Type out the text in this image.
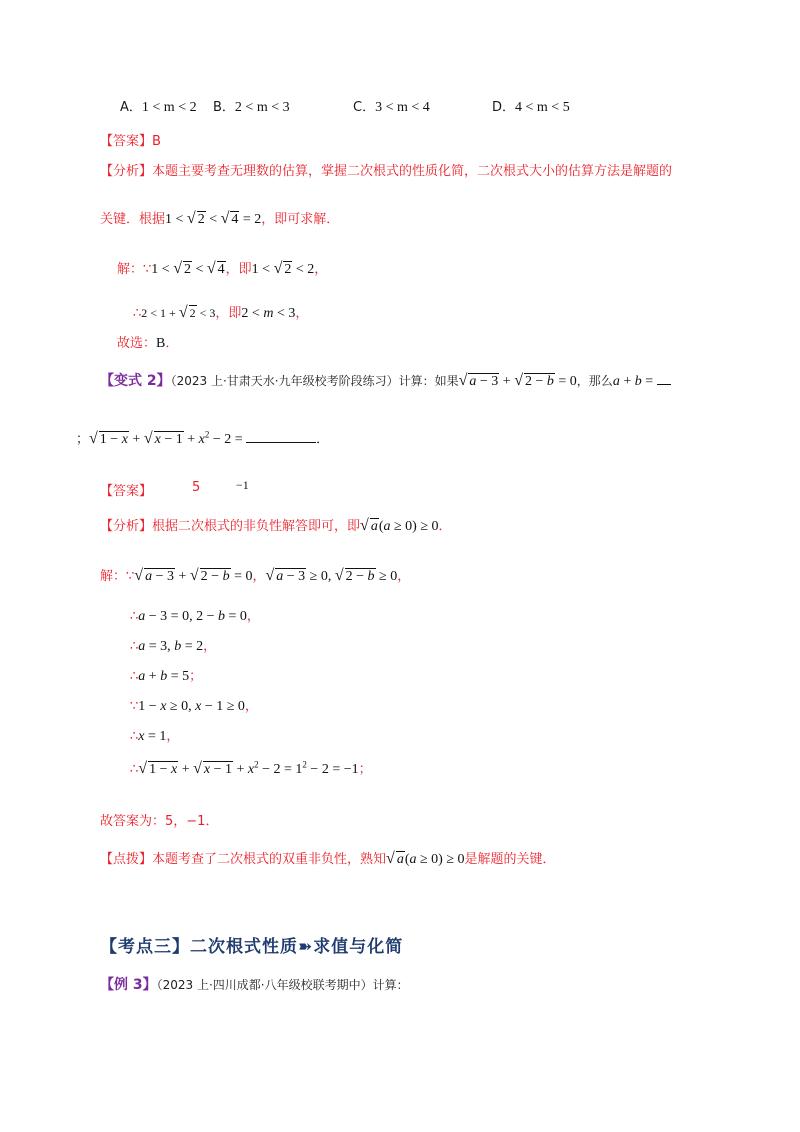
A．1 < m < 2 B．2 < m < 3	C．3 < m < 4	D．4 < m < 5
【答案】B
【分析】本题主要考查无理数的估算，掌握二次根式的性质化简，二次根式大小的估算方法是解题的
关键．根据1 < √ 2 < √ 4 = 2，即可求解．
解：∵1 < √ 2 < √ 4，即1 < √ 2 < 2，
∴2 < 1 + √ 2 < 3，即2 < m < 3，
故选：B．
【变式 2】（2023 上·甘肃天水·九年级校考阶段练习）计算：如果√ a − 3 + √ 2 − b = 0，那么a + b =
；√ 1 − x + √ $x - 1 + x^2 - 2$ =	．
【答案】	5	−1
【分析】根据二次根式的非负性解答即可，即√ a(a ≥ 0) ≥ 0．
解：∵√ a − 3 + √ 2 − b = 0，√ a − 3 ≥ 0, √ 2 − b ≥ 0，
∴a − 3 = 0, 2 − b = 0，
∴a = 3, b = 2，
∴a + b = 5；
∵1 − x ≥ 0, x − 1 ≥ 0，
∴x = 1，
∴√ 1 − x + √ $x - 1 + x^2 - 2 = 1^2 - 2 = -1$；
故答案为：5，−1．
【点拨】本题考查了二次根式的双重非负性，熟知√ a(a ≥ 0) ≥ 0是解题的关键．
【考点三】二次根式性质➽求值与化简
【例 3】（2023 上·四川成都·八年级校联考期中）计算：
